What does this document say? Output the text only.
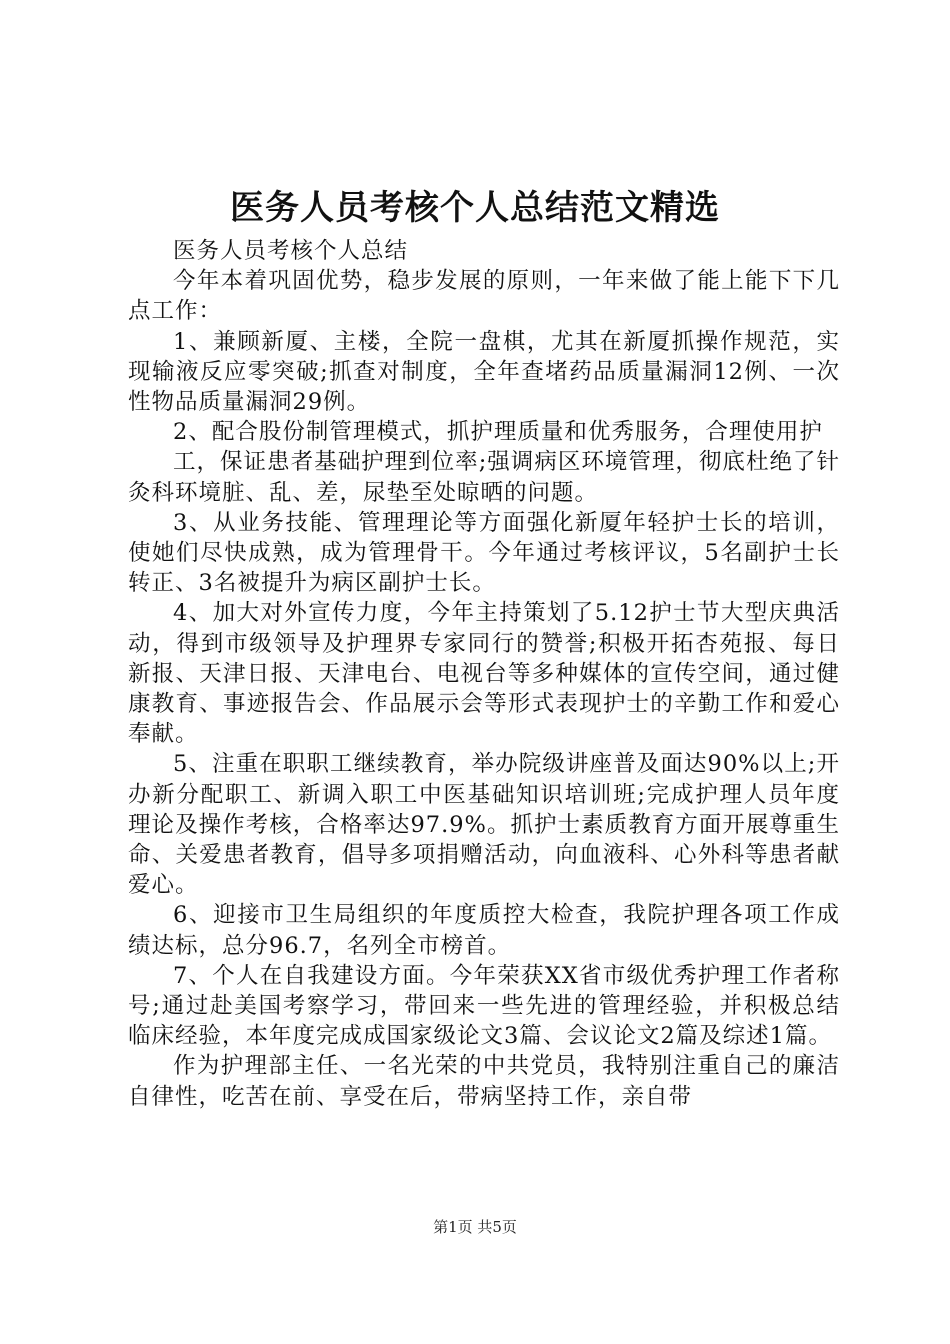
医务人员考核个人总结范文精选

医务人员考核个人总结

今年本着巩固优势，稳步发展的原则，一年来做了能上能下下几点工作：

1、兼顾新厦、主楼，全院一盘棋，尤其在新厦抓操作规范，实现输液反应零突破;抓查对制度，全年查堵药品质量漏洞12例、一次性物品质量漏洞29例。

2、配合股份制管理模式，抓护理质量和优秀服务，合理使用护

工，保证患者基础护理到位率;强调病区环境管理，彻底杜绝了针灸科环境脏、乱、差，尿垫至处晾晒的问题。

3、从业务技能、管理理论等方面强化新厦年轻护士长的培训，使她们尽快成熟，成为管理骨干。今年通过考核评议，5名副护士长转正、3名被提升为病区副护士长。

4、加大对外宣传力度，今年主持策划了5.12护士节大型庆典活动，得到市级领导及护理界专家同行的赞誉;积极开拓杏苑报、每日新报、天津日报、天津电台、电视台等多种媒体的宣传空间，通过健康教育、事迹报告会、作品展示会等形式表现护士的辛勤工作和爱心奉献。

5、注重在职职工继续教育，举办院级讲座普及面达90%以上;开办新分配职工、新调入职工中医基础知识培训班;完成护理人员年度理论及操作考核，合格率达97.9%。抓护士素质教育方面开展尊重生命、关爱患者教育，倡导多项捐赠活动，向血液科、心外科等患者献爱心。

6、迎接市卫生局组织的年度质控大检查，我院护理各项工作成绩达标，总分96.7，名列全市榜首。

7、个人在自我建设方面。今年荣获XX省市级优秀护理工作者称号;通过赴美国考察学习，带回来一些先进的管理经验，并积极总结临床经验，本年度完成成国家级论文3篇、会议论文2篇及综述1篇。

作为护理部主任、一名光荣的中共党员，我特别注重自己的廉洁自律性，吃苦在前、享受在后，带病坚持工作，亲自带

第1页 共5页
